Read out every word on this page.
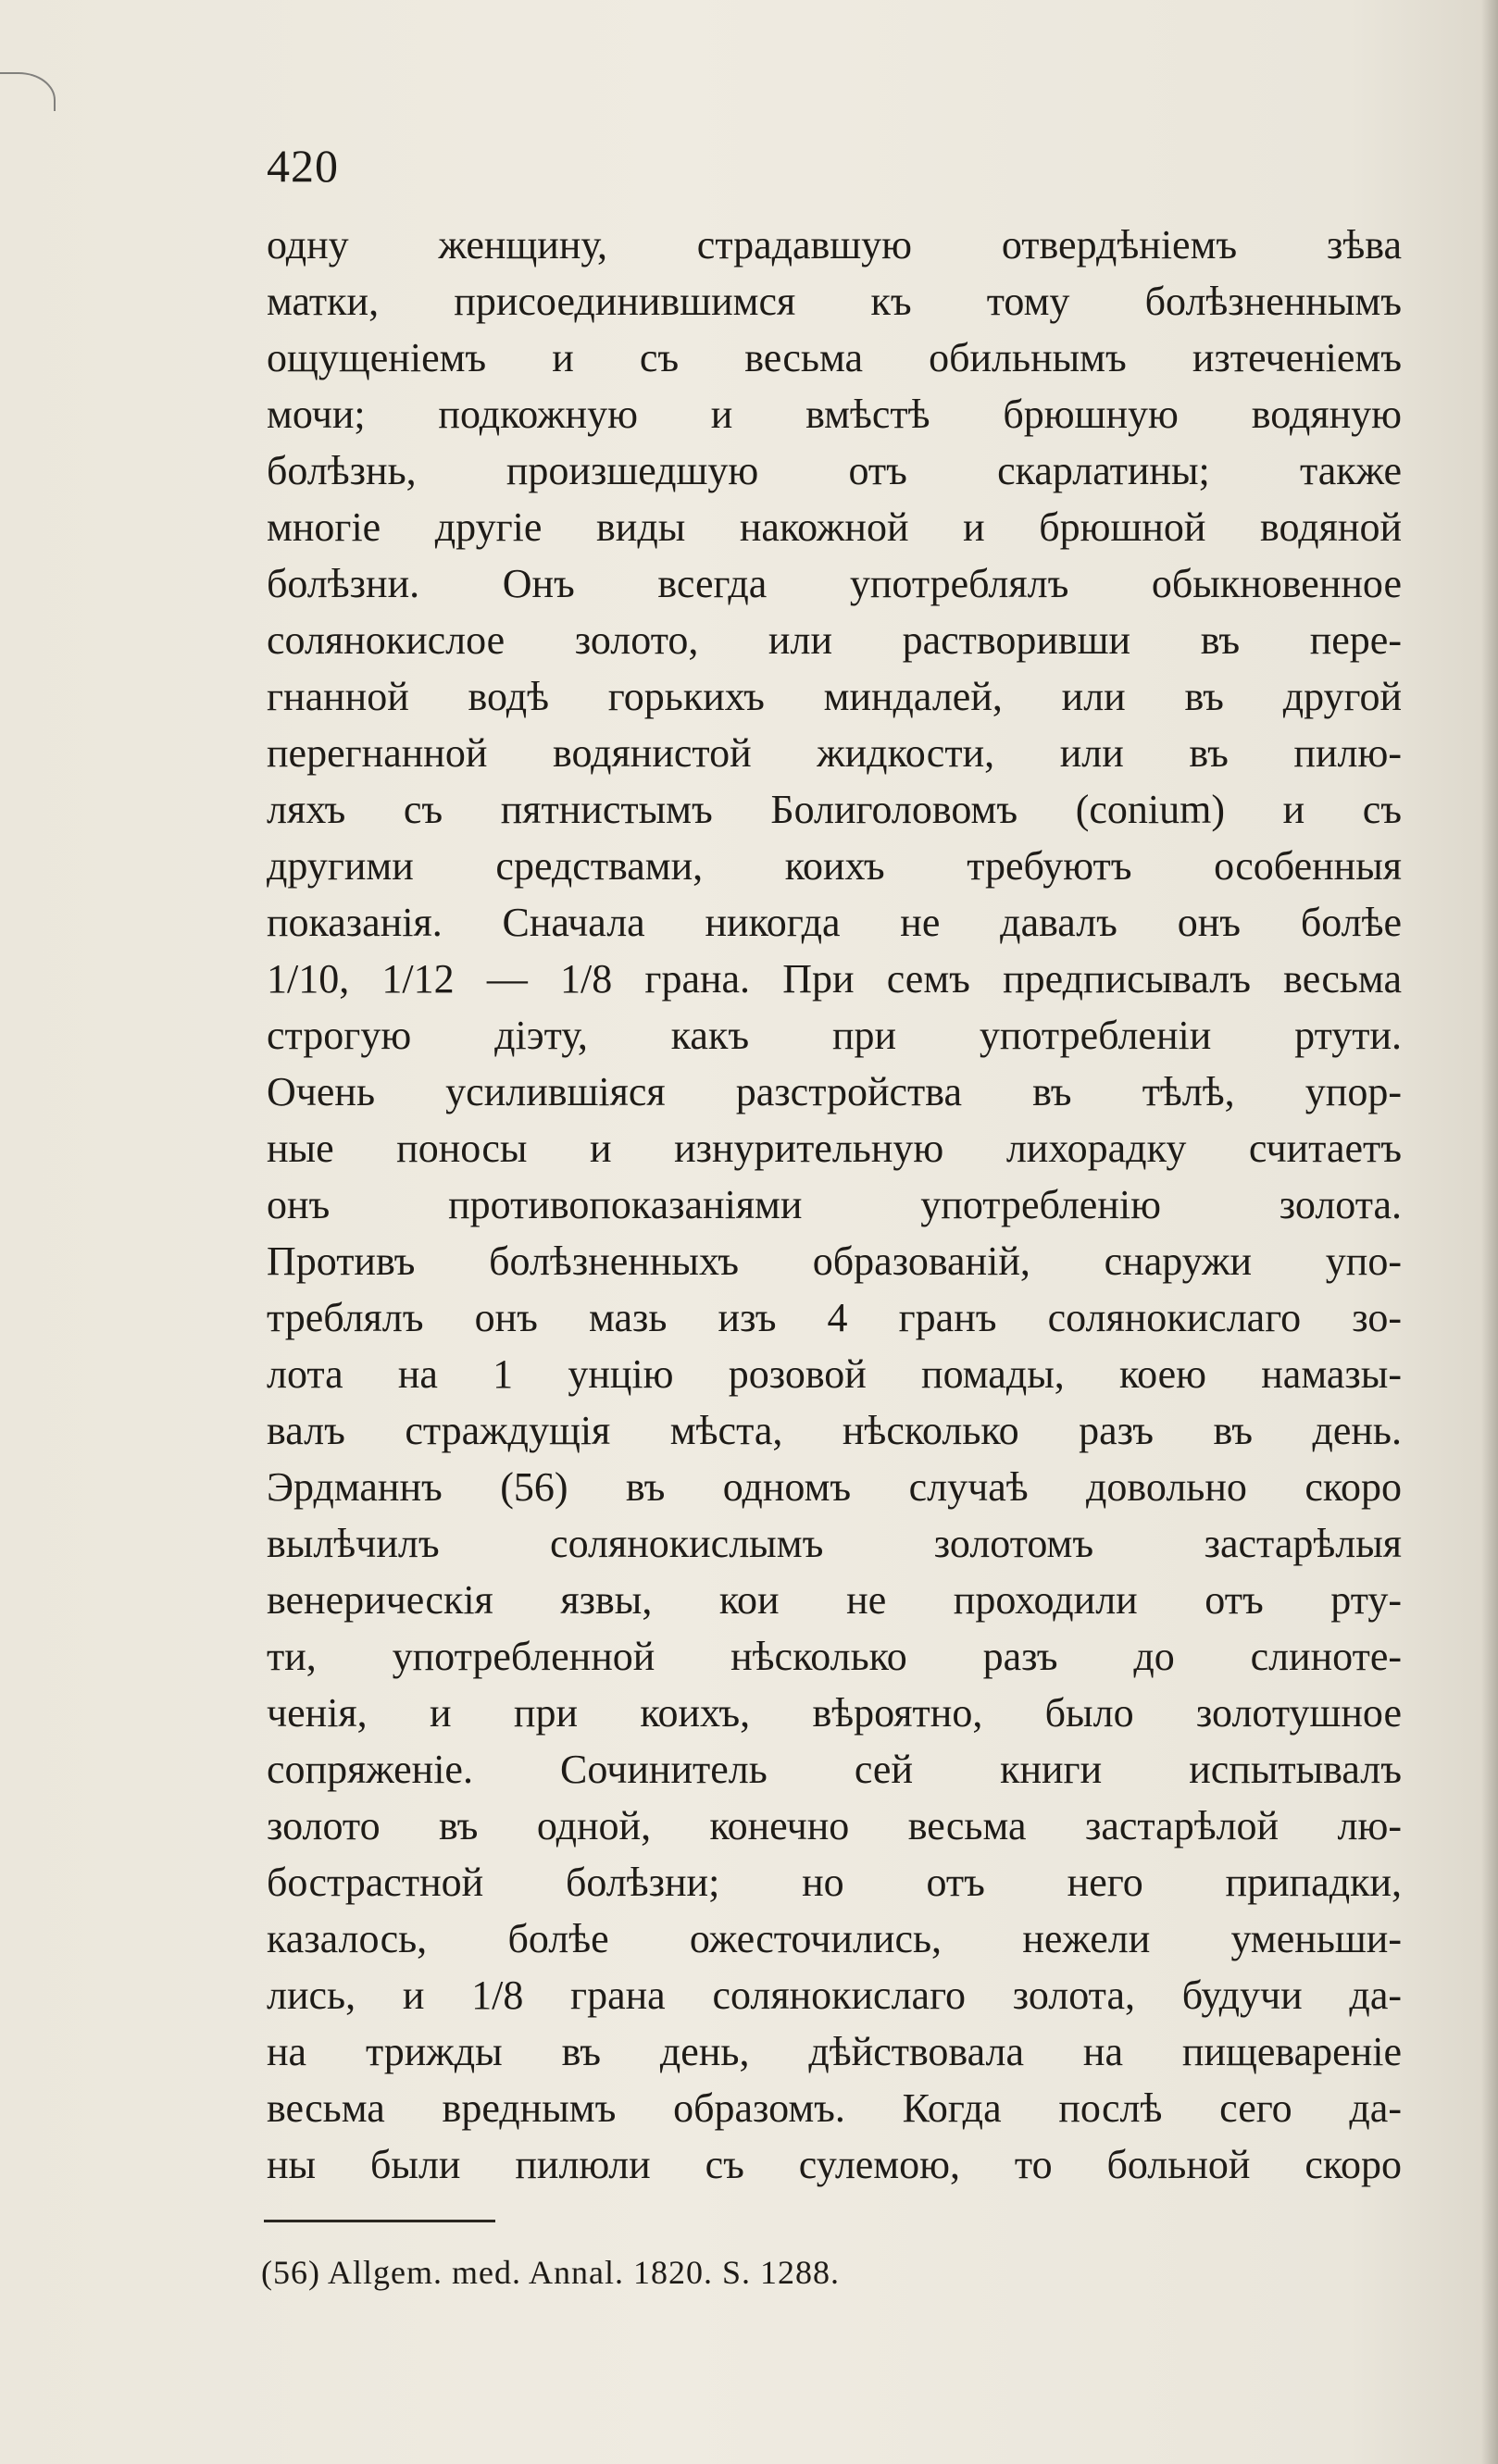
420
одну женщину, страдавшую отвердѣніемъ зѣва
матки, присоединившимся къ тому болѣзненнымъ
ощущеніемъ и съ весьма обильнымъ изтеченіемъ
мочи; подкожную и вмѣстѣ брюшную водяную
болѣзнь, произшедшую отъ скарлатины; также
многіе другіе виды накожной и брюшной водяной
болѣзни. Онъ всегда употреблялъ обыкновенное
солянокислое золото, или растворивши въ пере-
гнанной водѣ горькихъ миндалей, или въ другой
перегнанной водянистой жидкости, или въ пилю-
ляхъ съ пятнистымъ Болиголовомъ (conium) и съ
другими средствами, коихъ требуютъ особенныя
показанія. Сначала никогда не давалъ онъ болѣе
1/10, 1/12 — 1/8 грана. При семъ предписывалъ весьма
строгую діэту, какъ при употребленіи ртути.
Очень усилившіяся разстройства въ тѣлѣ, упор-
ные поносы и изнурительную лихорадку считаетъ
онъ противопоказаніями употребленію золота.
Противъ болѣзненныхъ образованій, снаружи упо-
треблялъ онъ мазь изъ 4 гранъ солянокислаго зо-
лота на 1 унцію розовой помады, коею намазы-
валъ страждущія мѣста, нѣсколько разъ въ день.
Эрдманнъ (56) въ одномъ случаѣ довольно скоро
вылѣчилъ солянокислымъ золотомъ застарѣлыя
венерическія язвы, кои не проходили отъ рту-
ти, употребленной нѣсколько разъ до слиноте-
ченія, и при коихъ, вѣроятно, было золотушное
сопряженіе. Сочинитель сей книги испытывалъ
золото въ одной, конечно весьма застарѣлой лю-
бострастной болѣзни; но отъ него припадки,
казалось, болѣе ожесточились, нежели уменьши-
лись, и 1/8 грана солянокислаго золота, будучи да-
на трижды въ день, дѣйствовала на пищевареніе
весьма вреднымъ образомъ. Когда послѣ сего да-
ны были пилюли съ сулемою, то больной скоро
(56) Allgem. med. Annal. 1820. S. 1288.
